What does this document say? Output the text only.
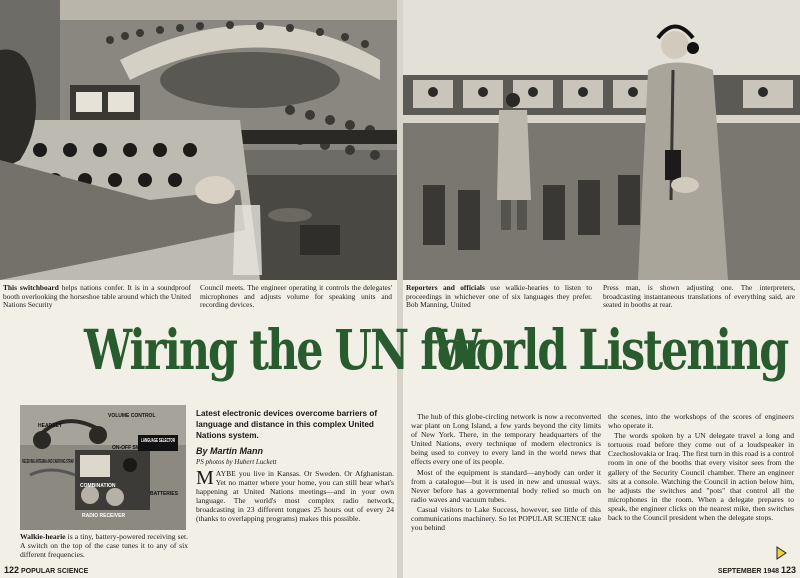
This switchboard helps nations confer. It is in a soundproof booth overlooking the horseshoe table around which the United Nations Security
Council meets. The engineer operating it controls the delegates' microphones and adjusts volume for speaking units and recording devices.
Wiring the UN for
HEADSET
VOLUME CONTROL
LANGUAGE SELECTOR
ON-OFF SWITCH
RECEIVING ANTENNA AND CARRYING STRAP
COMBINATION
BATTERIES
RADIO RECEIVER
Walkie-hearie is a tiny, battery-powered receiving set. A switch on the top of the case tunes it to any of six different frequencies.
Latest electronic devices overcome barriers of language and distance in this complex United Nations system.
By Martin Mann
PS photos by Hubert Luckett
MAYBE you live in Kansas. Or Sweden. Or Afghanistan. Yet no matter where your home, you can still hear what's happening at United Nations meetings—and in your own language. The world's most complex radio network, broadcasting in 23 different tongues 25 hours out of every 24 (thanks to overlapping programs) makes this possible.
122 POPULAR SCIENCE
Reporters and officials use walkie-hearies to listen to proceedings in whichever one of six languages they prefer. Bob Manning, United
Press man, is shown adjusting one. The interpreters, broadcasting instantaneous translations of everything said, are seated in booths at rear.
World Listening

The hub of this globe-circling network is now a reconverted war plant on Long Island, a few yards beyond the city limits of New York. There, in the temporary headquarters of the United Nations, every technique of modern electronics is being used to convey to every land in the world news that effects every one of its people.

Most of the equipment is standard—anybody can order it from a catalogue—but it is used in new and unusual ways. Never before has a governmental body relied so much on radio waves and vacuum tubes.

Casual visitors to Lake Success, however, see little of this communications machinery. So let POPULAR SCIENCE take you behind

the scenes, into the workshops of the scores of engineers who operate it.

The words spoken by a UN delegate travel a long and tortuous road before they come out of a loudspeaker in Czechoslovakia or Iraq. The first turn in this road is a control room in one of the booths that every visitor sees from the gallery of the Security Council chamber. There an engineer sits at a console. Watching the Council in action below him, he adjusts the switches and "pots" that control all the microphones in the room. When a delegate prepares to speak, the engineer clicks on the nearest mike, then switches back to the Council president when the delegate stops.

SEPTEMBER 1948 123
